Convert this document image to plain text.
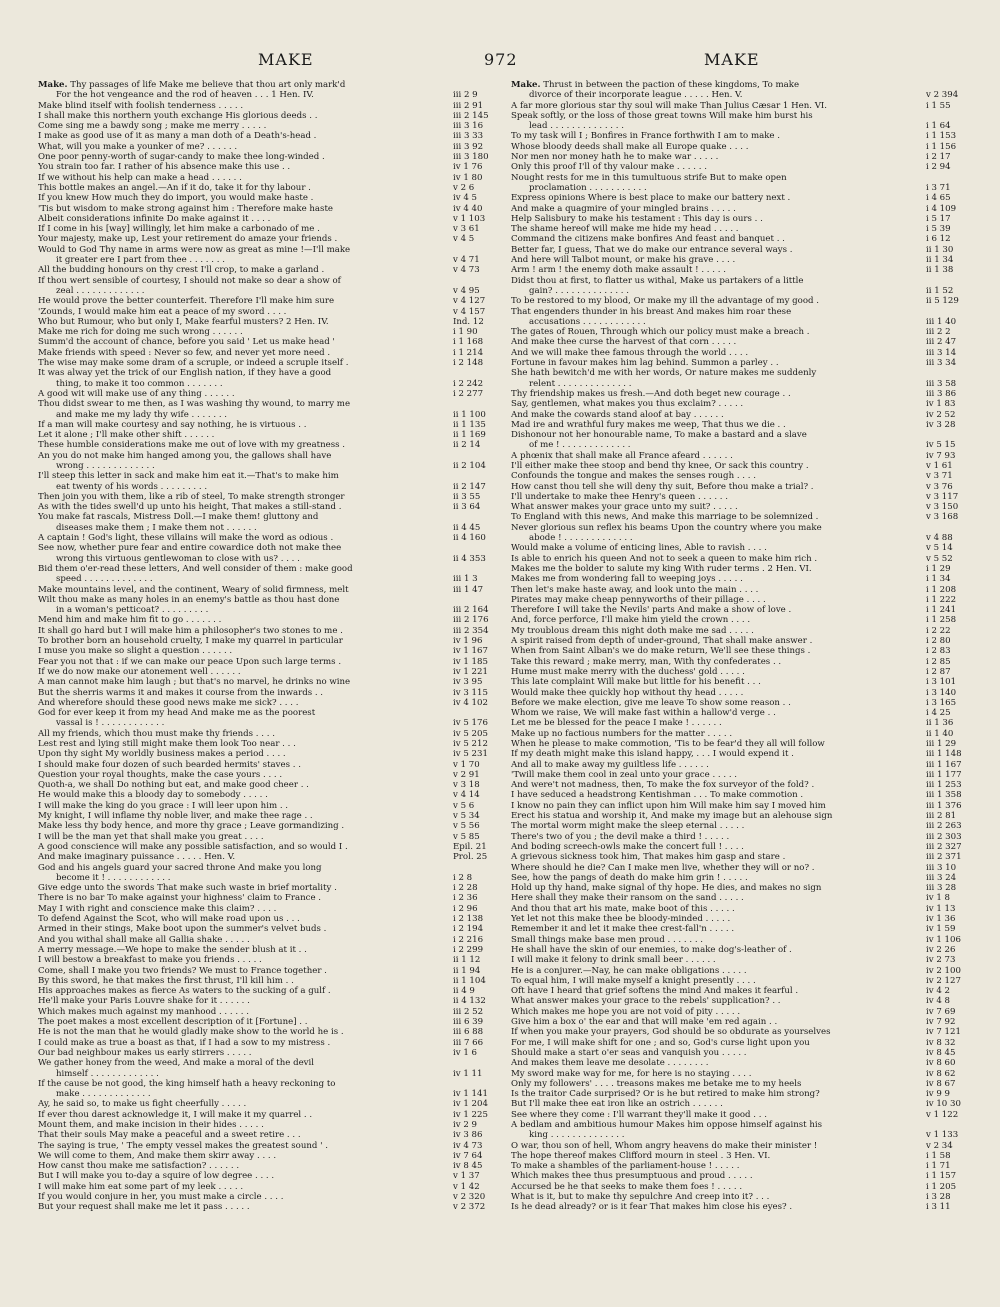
MAKE	972	MAKE
Make. Thy passages of life Make me believe that thou art only mark'd
For the hot vengeance and the rod of heaven . . . 1 Hen. IV.	iii 2 9
Make blind itself with foolish tenderness . . . . .	iii 2 91
I shall make this northern youth exchange His glorious deeds . .	iii 2 145
Come sing me a bawdy song ; make me merry . . . . .	iii 3 16
I make as good use of it as many a man doth of a Death's-head .	iii 3 33
What, will you make a younker of me? . . . . . .	iii 3 92
One poor penny-worth of sugar-candy to make thee long-winded .	iii 3 180
You strain too far. I rather of his absence make this use . .	iv 1 76
If we without his help can make a head . . . . . .	iv 1 80
This bottle makes an angel.—An if it do, take it for thy labour .	v 2 6
If you knew How much they do import, you would make haste .	iv 4 5
'Tis but wisdom to make strong against him : Therefore make haste	iv 4 40
Albeit considerations infinite Do make against it . . . .	v 1 103
If I come in his [way] willingly, let him make a carbonado of me .	v 3 61
Your majesty, make up, Lest your retirement do amaze your friends .	v 4 5
Would to God Thy name in arms were now as great as mine !—I'll make
it greater ere I part from thee . . . . . . .	v 4 71
All the budding honours on thy crest I'll crop, to make a garland .	v 4 73
If thou wert sensible of courtesy, I should not make so dear a show of
zeal . . . . . . . . . . . . .	v 4 95
He would prove the better counterfeit. Therefore I'll make him sure	v 4 127
'Zounds, I would make him eat a peace of my sword . . . .	v 4 157
Who but Rumour, who but only I, Make fearful musters? 2 Hen. IV.	Ind. 12
Make me rich for doing me such wrong . . . . . .	i 1 90
Summ'd the account of chance, before you said ' Let us make head '	i 1 168
Make friends with speed : Never so few, and never yet more need .	i 1 214
The wise may make some dram of a scruple, or indeed a scruple itself .	i 2 148
It was alway yet the trick of our English nation, if they have a good
thing, to make it too common . . . . . . .	i 2 242
A good wit will make use of any thing . . . . . .	i 2 277
Thou didst swear to me then, as I was washing thy wound, to marry me
and make me my lady thy wife . . . . . . .	ii 1 100
If a man will make courtesy and say nothing, he is virtuous . .	ii 1 135
Let it alone ; I'll make other shift . . . . . .	ii 1 169
These humble considerations make me out of love with my greatness .	ii 2 14
An you do not make him hanged among you, the gallows shall have
wrong . . . . . . . . . . . . .	ii 2 104
I'll steep this letter in sack and make him eat it.—That's to make him
eat twenty of his words . . . . . . . . .	ii 2 147
Then join you with them, like a rib of steel, To make strength stronger	ii 3 55
As with the tides swell'd up unto his height, That makes a still-stand .	ii 3 64
You make fat rascals, Mistress Doll.—I make them! gluttony and
diseases make them ; I make them not . . . . . .	ii 4 45
A captain ! God's light, these villains will make the word as odious .	ii 4 160
See now, whether pure fear and entire cowardice doth not make thee
wrong this virtuous gentlewoman to close with us? . . . .	ii 4 353
Bid them o'er-read these letters, And well consider of them : make good
speed . . . . . . . . . . . . .	iii 1 3
Make mountains level, and the continent, Weary of solid firmness, melt	iii 1 47
Wilt thou make as many holes in an enemy's battle as thou hast done
in a woman's petticoat? . . . . . . . . .	iii 2 164
Mend him and make him fit to go . . . . . . .	iii 2 176
It shall go hard but I will make him a philosopher's two stones to me .	iii 2 354
To brother born an household cruelty, I make my quarrel in particular	iv 1 96
I muse you make so slight a question . . . . . .	iv 1 167
Fear you not that : if we can make our peace Upon such large terms .	iv 1 185
If we do now make our atonement well . . . . . .	iv 1 221
A man cannot make him laugh ; but that's no marvel, he drinks no wine	iv 3 95
But the sherris warms it and makes it course from the inwards . .	iv 3 115
And wherefore should these good news make me sick? . . . .	iv 4 102
God for ever keep it from my head And make me as the poorest
vassal is ! . . . . . . . . . . . .	iv 5 176
All my friends, which thou must make thy friends . . . .	iv 5 205
Lest rest and lying still might make them look Too near . . .	iv 5 212
Upon thy sight My worldly business makes a period . . . .	iv 5 231
I should make four dozen of such bearded hermits' staves . .	v 1 70
Question your royal thoughts, make the case yours . . . .	v 2 91
Quoth-a, we shall Do nothing but eat, and make good cheer . .	v 3 18
He would make this a bloody day to somebody . . . . .	v 4 14
I will make the king do you grace : I will leer upon him . .	v 5 6
My knight, I will inflame thy noble liver, and make thee rage . .	v 5 34
Make less thy body hence, and more thy grace ; Leave gormandizing .	v 5 56
I will be the man yet that shall make you great . . . .	v 5 85
A good conscience will make any possible satisfaction, and so would I .	Epil. 21
And make imaginary puissance . . . . . Hen. V.	Prol. 25
God and his angels guard your sacred throne And make you long
become it ! . . . . . . . . . . . .	i 2 8
Give edge unto the swords That make such waste in brief mortality .	i 2 28
There is no bar To make against your highness' claim to France .	i 2 36
May I with right and conscience make this claim? . . . .	i 2 96
To defend Against the Scot, who will make road upon us . . .	i 2 138
Armed in their stings, Make boot upon the summer's velvet buds .	i 2 194
And you withal shall make all Gallia shake . . . . .	i 2 216
A merry message.—We hope to make the sender blush at it . .	i 2 299
I will bestow a breakfast to make you friends . . . . .	ii 1 12
Come, shall I make you two friends? We must to France together .	ii 1 94
By this sword, he that makes the first thrust, I'll kill him . .	ii 1 104
His approaches makes as fierce As waters to the sucking of a gulf .	ii 4 9
He'll make your Paris Louvre shake for it . . . . . .	ii 4 132
Which makes much against my manhood . . . . . .	iii 2 52
The poet makes a most excellent description of it [Fortune] . .	iii 6 39
He is not the man that he would gladly make show to the world he is .	iii 6 88
I could make as true a boast as that, if I had a sow to my mistress .	iii 7 66
Our bad neighbour makes us early stirrers . . . . .	iv 1 6
We gather honey from the weed, And make a moral of the devil
himself . . . . . . . . . . . . .	iv 1 11
If the cause be not good, the king himself hath a heavy reckoning to
make . . . . . . . . . . . . .	iv 1 141
Ay, he said so, to make us fight cheerfully . . . . .	iv 1 204
If ever thou darest acknowledge it, I will make it my quarrel . .	iv 1 225
Mount them, and make incision in their hides . . . . .	iv 2 9
That their souls May make a peaceful and a sweet retire . . .	iv 3 86
The saying is true, ' The empty vessel makes the greatest sound ' .	iv 4 73
We will come to them, And make them skirr away . . . .	iv 7 64
How canst thou make me satisfaction? . . . . . .	iv 8 45
But I will make you to-day a squire of low degree . . . .	v 1 37
I will make him eat some part of my leek . . . . .	v 1 42
If you would conjure in her, you must make a circle . . . .	v 2 320
But your request shall make me let it pass . . . . .	v 2 372
Make. Thrust in between the paction of these kingdoms, To make
divorce of their incorporate league . . . . . Hen. V.	v 2 394
A far more glorious star thy soul will make Than Julius Cæsar 1 Hen. VI.	i 1 55
Speak softly, or the loss of those great towns Will make him burst his
lead . . . . . . . . . . . . . .	i 1 64
To my task will I ; Bonfires in France forthwith I am to make .	i 1 153
Whose bloody deeds shall make all Europe quake . . . .	i 1 156
Nor men nor money hath he to make war . . . . .	i 2 17
Only this proof I'll of thy valour make . . . . . .	i 2 94
Nought rests for me in this tumultuous strife But to make open
proclamation . . . . . . . . . . .	i 3 71
Express opinions Where is best place to make our battery next .	i 4 65
And make a quagmire of your mingled brains . . . . .	i 4 109
Help Salisbury to make his testament : This day is ours . .	i 5 17
The shame hereof will make me hide my head . . . . .	i 5 39
Command the citizens make bonfires And feast and banquet . .	i 6 12
Better far, I guess, That we do make our entrance several ways .	ii 1 30
And here will Talbot mount, or make his grave . . . .	ii 1 34
Arm ! arm ! the enemy doth make assault ! . . . . .	ii 1 38
Didst thou at first, to flatter us withal, Make us partakers of a little
gain? . . . . . . . . . . . . . .	ii 1 52
To be restored to my blood, Or make my ill the advantage of my good .	ii 5 129
That engenders thunder in his breast And makes him roar these
accusations . . . . . . . . . . . .	iii 1 40
The gates of Rouen, Through which our policy must make a breach .	iii 2 2
And make thee curse the harvest of that corn . . . . .	iii 2 47
And we will make thee famous through the world . . . .	iii 3 14
Fortune in favour makes him lag behind. Summon a parley . .	iii 3 34
She hath bewitch'd me with her words, Or nature makes me suddenly
relent . . . . . . . . . . . . . .	iii 3 58
Thy friendship makes us fresh.—And doth beget new courage . .	iii 3 86
Say, gentlemen, what makes you thus exclaim? . . . . .	iv 1 83
And make the cowards stand aloof at bay . . . . . .	iv 2 52
Mad ire and wrathful fury makes me weep, That thus we die . .	iv 3 28
Dishonour not her honourable name, To make a bastard and a slave
of me ! . . . . . . . . . . . . .	iv 5 15
A phœnix that shall make all France afeard . . . . . .	iv 7 93
I'll either make thee stoop and bend thy knee, Or sack this country .	v 1 61
Confounds the tongue and makes the senses rough . . . .	v 3 71
How canst thou tell she will deny thy suit, Before thou make a trial? .	v 3 76
I'll undertake to make thee Henry's queen . . . . . .	v 3 117
What answer makes your grace unto my suit? . . . . .	v 3 150
To England with this news, And make this marriage to be solemnized .	v 3 168
Never glorious sun reflex his beams Upon the country where you make
abode ! . . . . . . . . . . . . .	v 4 88
Would make a volume of enticing lines, Able to ravish . . . .	v 5 14
Is able to enrich his queen And not to seek a queen to make him rich .	v 5 52
Makes me the bolder to salute my king With ruder terms . 2 Hen. VI.	i 1 29
Makes me from wondering fall to weeping joys . . . . .	i 1 34
Then let's make haste away, and look unto the main . . . .	i 1 208
Pirates may make cheap pennyworths of their pillage . . . .	i 1 222
Therefore I will take the Nevils' parts And make a show of love .	i 1 241
And, force perforce, I'll make him yield the crown . . . .	i 1 258
My troublous dream this night doth make me sad . . . . .	i 2 22
A spirit raised from depth of under-ground, That shall make answer .	i 2 80
When from Saint Alban's we do make return, We'll see these things .	i 2 83
Take this reward ; make merry, man, With thy confederates . .	i 2 85
Hume must make merry with the duchess' gold . . . . .	i 2 87
This late complaint Will make but little for his benefit . . .	i 3 101
Would make thee quickly hop without thy head . . . . .	i 3 140
Before we make election, give me leave To show some reason . .	i 3 165
Whom we raise, We will make fast within a hallow'd verge . .	i 4 25
Let me be blessed for the peace I make ! . . . . . .	ii 1 36
Make up no factious numbers for the matter . . . . .	ii 1 40
When he please to make commotion, 'Tis to be fear'd they all will follow	iii 1 29
If my death might make this island happy, . . . I would expend it .	iii 1 148
And all to make away my guiltless life . . . . . .	iii 1 167
'Twill make them cool in zeal unto your grace . . . . .	iii 1 177
And were't not madness, then, To make the fox surveyor of the fold? .	iii 1 253
I have seduced a headstrong Kentishman . . . To make commotion .	iii 1 358
I know no pain they can inflict upon him Will make him say I moved him	iii 1 376
Erect his statua and worship it, And make my image but an alehouse sign	iii 2 81
The mortal worm might make the sleep eternal . . . . .	iii 2 263
There's two of you ; the devil make a third ! . . . . .	iii 2 303
And boding screech-owls make the concert full ! . . . .	iii 2 327
A grievous sickness took him, That makes him gasp and stare .	iii 2 371
Where should he die? Can I make men live, whether they will or no? .	iii 3 10
See, how the pangs of death do make him grin ! . . . . .	iii 3 24
Hold up thy hand, make signal of thy hope. He dies, and makes no sign	iii 3 28
Here shall they make their ransom on the sand . . . . .	iv 1 8
And thou that art his mate, make boot of this . . . . .	iv 1 13
Yet let not this make thee be bloody-minded . . . . .	iv 1 36
Remember it and let it make thee crest-fall'n . . . . .	iv 1 59
Small things make base men proud . . . . . . .	iv 1 106
He shall have the skin of our enemies, to make dog's-leather of .	iv 2 26
I will make it felony to drink small beer . . . . . .	iv 2 73
He is a conjurer.—Nay, he can make obligations . . . . .	iv 2 100
To equal him, I will make myself a knight presently . . . .	iv 2 127
Oft have I heard that grief softens the mind And makes it fearful .	iv 4 2
What answer makes your grace to the rebels' supplication? . .	iv 4 8
Which makes me hope you are not void of pity . . . . .	iv 7 69
Give him a box o' the ear and that will make 'em red again . .	iv 7 92
If when you make your prayers, God should be so obdurate as yourselves	iv 7 121
For me, I will make shift for one ; and so, God's curse light upon you	iv 8 32
Should make a start o'er seas and vanquish you . . . . .	iv 8 45
And makes them leave me desolate . . . . . . . .	iv 8 60
My sword make way for me, for here is no staying . . . .	iv 8 62
Only my followers' . . . . treasons makes me betake me to my heels	iv 8 67
Is the traitor Cade surprised? Or is he but retired to make him strong?	iv 9 9
But I'll make thee eat iron like an ostrich . . . . . .	iv 10 30
See where they come : I'll warrant they'll make it good . . .	v 1 122
A bedlam and ambitious humour Makes him oppose himself against his
king . . . . . . . . . . . . . .	v 1 133
O war, thou son of hell, Whom angry heavens do make their minister !	v 2 34
The hope thereof makes Clifford mourn in steel . 3 Hen. VI.	i 1 58
To make a shambles of the parliament-house ! . . . . .	i 1 71
Which makes thee thus presumptuous and proud . . . . .	i 1 157
Accursed be he that seeks to make them foes ! . . . . .	i 1 205
What is it, but to make thy sepulchre And creep into it? . . .	i 3 28
Is he dead already? or is it fear That makes him close his eyes? .	i 3 11
